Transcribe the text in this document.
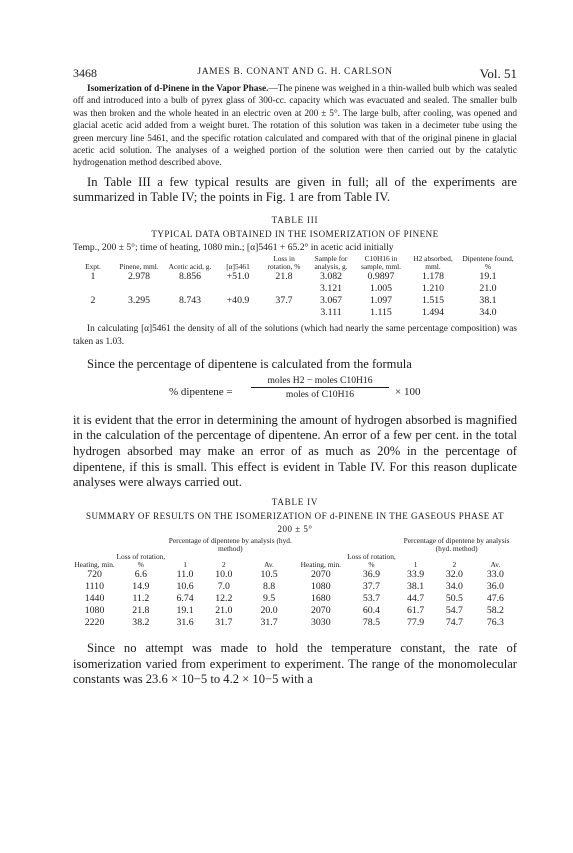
3468	JAMES B. CONANT AND G. H. CARLSON	Vol. 51

Isomerization of d-Pinene in the Vapor Phase.—The pinene was weighed in a thin-walled bulb which was sealed off and introduced into a bulb of pyrex glass of 300-cc. capacity which was evacuated and sealed. The smaller bulb was then broken and the whole heated in an electric oven at 200 ± 5°. The large bulb, after cooling, was opened and glacial acetic acid added from a weight buret. The rotation of this solution was taken in a decimeter tube using the green mercury line 5461, and the specific rotation calculated and compared with that of the original pinene in glacial acetic acid solution. The analyses of a weighed portion of the solution were then carried out by the catalytic hydrogenation method described above.

In Table III a few typical results are given in full; all of the experiments are summarized in Table IV; the points in Fig. 1 are from Table IV.

TABLE III
TYPICAL DATA OBTAINED IN THE ISOMERIZATION OF PINENE

Temp., 200 ± 5°; time of heating, 1080 min.; [α]5461 + 65.2° in acetic acid initially

Expt.	Pinene, mml.	Acetic acid, g.	[α]5461	Loss in rotation, %	Sample for analysis, g.	C10H16 in sample, mml.	H2 absorbed, mml.	Dipentene found, %
1	2.978	8.856	+51.0	21.8	3.082	0.9897	1.178	19.1
					3.121	1.005	1.210	21.0
2	3.295	8.743	+40.9	37.7	3.067	1.097	1.515	38.1
					3.111	1.115	1.494	34.0

In calculating [α]5461 the density of all of the solutions (which had nearly the same percentage composition) was taken as 1.03.

Since the percentage of dipentene is calculated from the formula

% dipentene =
moles H2 − moles C10H16
moles of C10H16	× 100

it is evident that the error in determining the amount of hydrogen absorbed is magnified in the calculation of the percentage of dipentene. An error of a few per cent. in the total hydrogen absorbed may make an error of as much as 20% in the percentage of dipentene, if this is small. This effect is evident in Table IV. For this reason duplicate analyses were always carried out.

TABLE IV
SUMMARY OF RESULTS ON THE ISOMERIZATION OF d-PINENE IN THE GASEOUS PHASE AT
200 ± 5°
		Percentage of dipentene by analysis (hyd. method)					Percentage of dipentene by analysis (hyd. method)		
Heating, min.	Loss of rotation, %	1	2	Av.	Heating, min.	Loss of rotation, %	1	2	Av.
720	6.6	11.0	10.0	10.5	2070	36.9	33.9	32.0	33.0
1110	14.9	10.6	7.0	8.8	1080	37.7	38.1	34.0	36.0
1440	11.2	6.74	12.2	9.5	1680	53.7	44.7	50.5	47.6
1080	21.8	19.1	21.0	20.0	2070	60.4	61.7	54.7	58.2
2220	38.2	31.6	31.7	31.7	3030	78.5	77.9	74.7	76.3

Since no attempt was made to hold the temperature constant, the rate of isomerization varied from experiment to experiment. The range of the monomolecular constants was 23.6 × 10−5 to 4.2 × 10−5 with a
